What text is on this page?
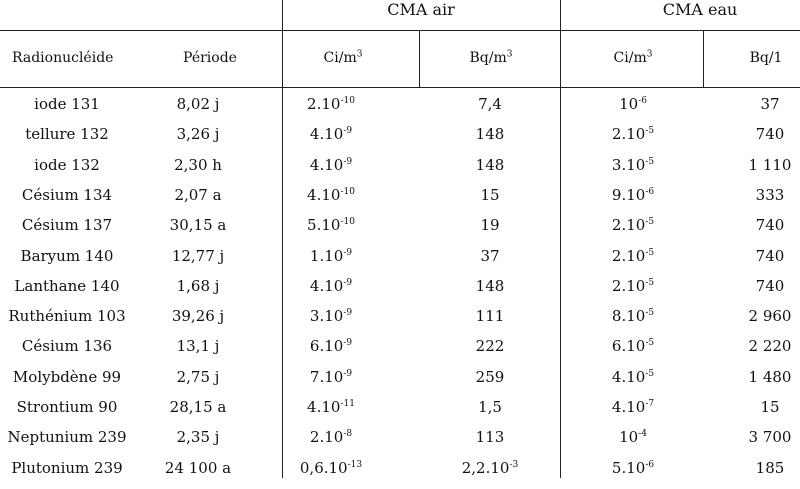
CMA air	CMA eau
Radionucléide	Période	$Ci/m^3$	$Bq/m^3$	$Ci/m^3$	Bq/1
iode 131	8,02 j	$2.10^{-10}$	7,4	$10^{-6}$	37
tellure 132	3,26 j	$4.10^{-9}$	148	$2.10^{-5}$	740
iode 132	2,30 h	$4.10^{-9}$	148	$3.10^{-5}$	1 110
Césium 134	2,07 a	$4.10^{-10}$	15	$9.10^{-6}$	333
Césium 137	30,15 a	$5.10^{-10}$	19	$2.10^{-5}$	740
Baryum 140	12,77 j	$1.10^{-9}$	37	$2.10^{-5}$	740
Lanthane 140	1,68 j	$4.10^{-9}$	148	$2.10^{-5}$	740
Ruthénium 103	39,26 j	$3.10^{-9}$	111	$8.10^{-5}$	2 960
Césium 136	13,1 j	$6.10^{-9}$	222	$6.10^{-5}$	2 220
Molybdène 99	2,75 j	$7.10^{-9}$	259	$4.10^{-5}$	1 480
Strontium 90	28,15 a	$4.10^{-11}$	1,5	$4.10^{-7}$	15
Neptunium 239	2,35 j	$2.10^{-8}$	113	$10^{-4}$	3 700
Plutonium 239	24 100 a	$0,6.10^{-13}$	$2,2.10^{-3}$	$5.10^{-6}$	185
